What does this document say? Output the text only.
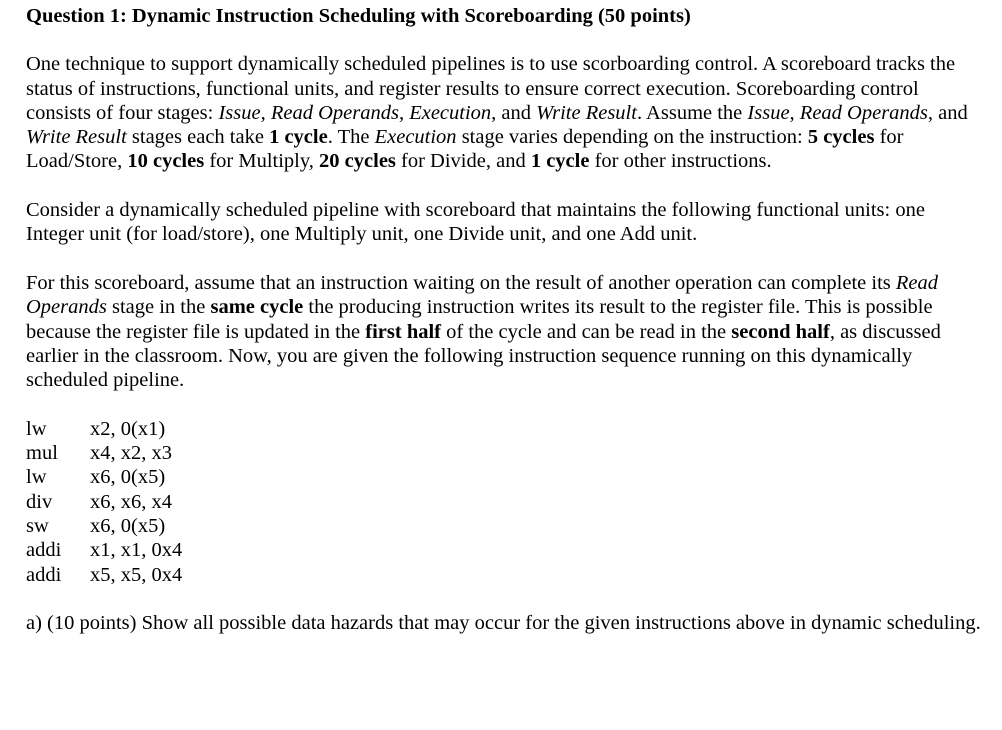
Question 1: Dynamic Instruction Scheduling with Scoreboarding (50 points)

One technique to support dynamically scheduled pipelines is to use scorboarding control. A scoreboard tracks the status of instructions, functional units, and register results to ensure correct execution. Scoreboarding control consists of four stages: Issue, Read Operands, Execution, and Write Result. Assume the Issue, Read Operands, and Write Result stages each take 1 cycle. The Execution stage varies depending on the instruction: 5 cycles for Load/Store, 10 cycles for Multiply, 20 cycles for Divide, and 1 cycle for other instructions.

Consider a dynamically scheduled pipeline with scoreboard that maintains the following functional units: one Integer unit (for load/store), one Multiply unit, one Divide unit, and one Add unit.

For this scoreboard, assume that an instruction waiting on the result of another operation can complete its Read Operands stage in the same cycle the producing instruction writes its result to the register file. This is possible because the register file is updated in the first half of the cycle and can be read in the second half, as discussed earlier in the classroom. Now, you are given the following instruction sequence running on this dynamically scheduled pipeline.

lw	x2, 0(x1)
mul	x4, x2, x3
lw	x6, 0(x5)
div	x6, x6, x4
sw	x6, 0(x5)
addi	x1, x1, 0x4
addi	x5, x5, 0x4

a) (10 points) Show all possible data hazards that may occur for the given instructions above in dynamic scheduling.
